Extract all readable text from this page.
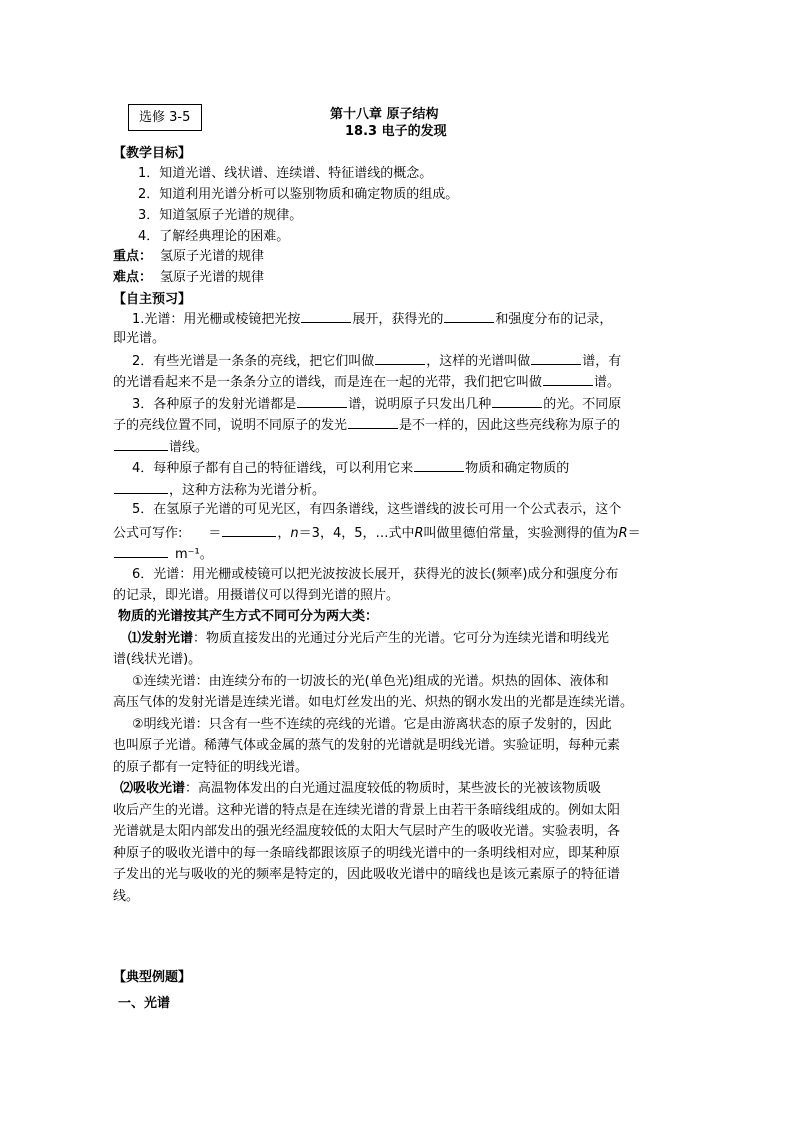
选修 3-5	第十八章 原子结构
18.3 电子的发现
【教学目标】
1．知道光谱、线状谱、连续谱、特征谱线的概念。
2．知道利用光谱分析可以鉴别物质和确定物质的组成。
3．知道氢原子光谱的规律。
4．了解经典理论的困难。
重点： 氢原子光谱的规律
难点： 氢原子光谱的规律
【自主预习】
1.光谱：用光栅或棱镜把光按	展开，获得光的	和强度分布的记录，
即光谱。
2．有些光谱是一条条的亮线，把它们叫做	，这样的光谱叫做	谱，有
的光谱看起来不是一条条分立的谱线，而是连在一起的光带，我们把它叫做	谱。
3．各种原子的发射光谱都是	谱，说明原子只发出几种	的光。不同原
子的亮线位置不同，说明不同原子的发光	是不一样的，因此这些亮线称为原子的
谱线。
4．每种原子都有自己的特征谱线，可以利用它来	物质和确定物质的
，这种方法称为光谱分析。
5．在氢原子光谱的可见光区，有四条谱线，这些谱线的波长可用一个公式表示，这个
公式可写作: ＝	，n＝3，4，5，…式中R叫做里德伯常量，实验测得的值为R＝
m⁻¹。
6．光谱：用光栅或棱镜可以把光波按波长展开，获得光的波长(频率)成分和强度分布
的记录，即光谱。用摄谱仪可以得到光谱的照片。
物质的光谱按其产生方式不同可分为两大类：
⑴发射光谱：物质直接发出的光通过分光后产生的光谱。它可分为连续光谱和明线光
谱(线状光谱)。
①连续光谱：由连续分布的一切波长的光(单色光)组成的光谱。炽热的固体、液体和
高压气体的发射光谱是连续光谱。如电灯丝发出的光、炽热的钢水发出的光都是连续光谱。
②明线光谱：只含有一些不连续的亮线的光谱。它是由游离状态的原子发射的，因此
也叫原子光谱。稀薄气体或金属的蒸气的发射的光谱就是明线光谱。实验证明，每种元素
的原子都有一定特征的明线光谱。
⑵吸收光谱：高温物体发出的白光通过温度较低的物质时，某些波长的光被该物质吸
收后产生的光谱。这种光谱的特点是在连续光谱的背景上由若干条暗线组成的。例如太阳
光谱就是太阳内部发出的强光经温度较低的太阳大气层时产生的吸收光谱。实验表明，各
种原子的吸收光谱中的每一条暗线都跟该原子的明线光谱中的一条明线相对应，即某种原
子发出的光与吸收的光的频率是特定的，因此吸收光谱中的暗线也是该元素原子的特征谱
线。
【典型例题】
一、光谱
